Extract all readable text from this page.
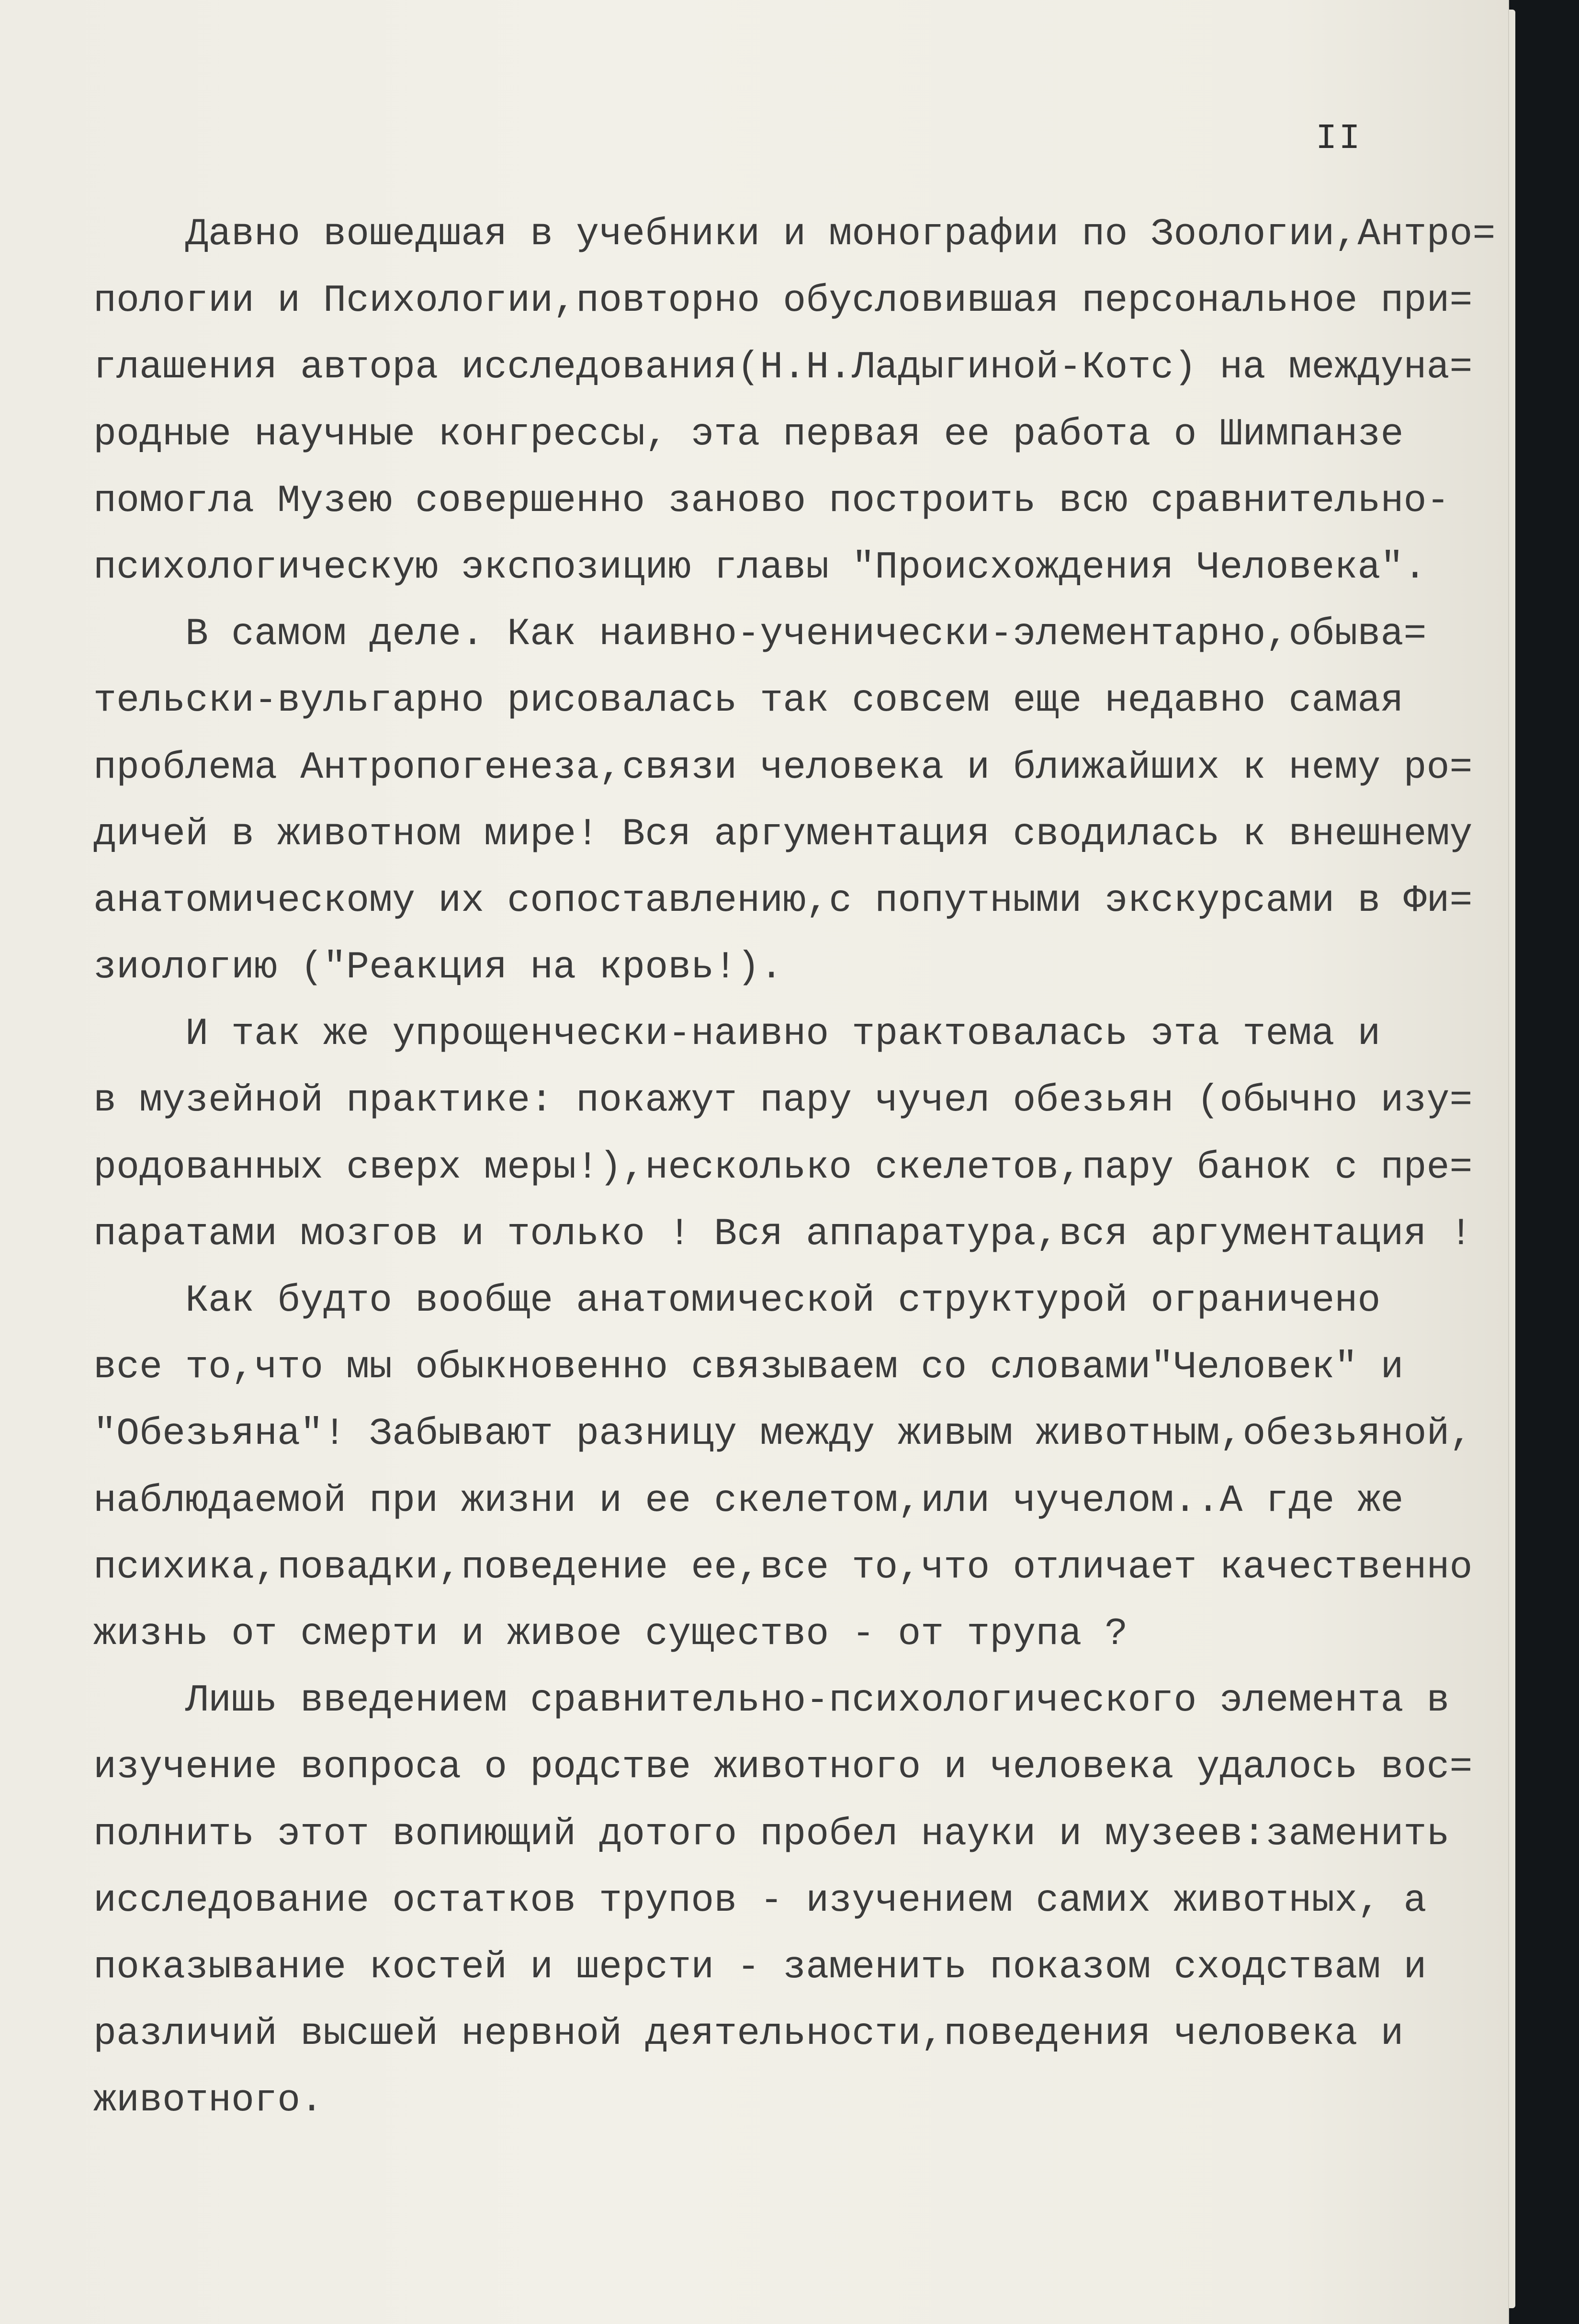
II
Давно вошедшая в учебники и монографии по Зоологии,Антро=
пологии и Психологии,повторно обусловившая персональное при=
глашения автора исследования(Н.Н.Ладыгиной-Котс) на междуна=
родные научные конгрессы, эта первая ее работа о Шимпанзе
помогла Музею совершенно заново построить всю сравнительно-
психологическую экспозицию главы "Происхождения Человека".
В самом деле. Как наивно-ученически-элементарно,обыва=
тельски-вульгарно рисовалась так совсем еще недавно самая
проблема Антропогенеза,связи человека и ближайших к нему ро=
дичей в животном мире! Вся аргументация сводилась к внешнему
анатомическому их сопоставлению,с попутными экскурсами в Фи=
зиологию ("Реакция на кровь!).
И так же упрощенчески-наивно трактовалась эта тема и
в музейной практике: покажут пару чучел обезьян (обычно изу=
родованных сверх меры!),несколько скелетов,пару банок с пре=
паратами мозгов и только ! Вся аппаратура,вся аргументация !
Как будто вообще анатомической структурой ограничено
все то,что мы обыкновенно связываем со словами"Человек" и
"Обезьяна"! Забывают разницу между живым животным,обезьяной,
наблюдаемой при жизни и ее скелетом,или чучелом..А где же
психика,повадки,поведение ее,все то,что отличает качественно
жизнь от смерти и живое существо - от трупа ?
Лишь введением сравнительно-психологического элемента в
изучение вопроса о родстве животного и человека удалось вос=
полнить этот вопиющий дотого пробел науки и музеев:заменить
исследование остатков трупов - изучением самих животных, а
показывание костей и шерсти - заменить показом сходствам и
различий высшей нервной деятельности,поведения человека и
животного.
